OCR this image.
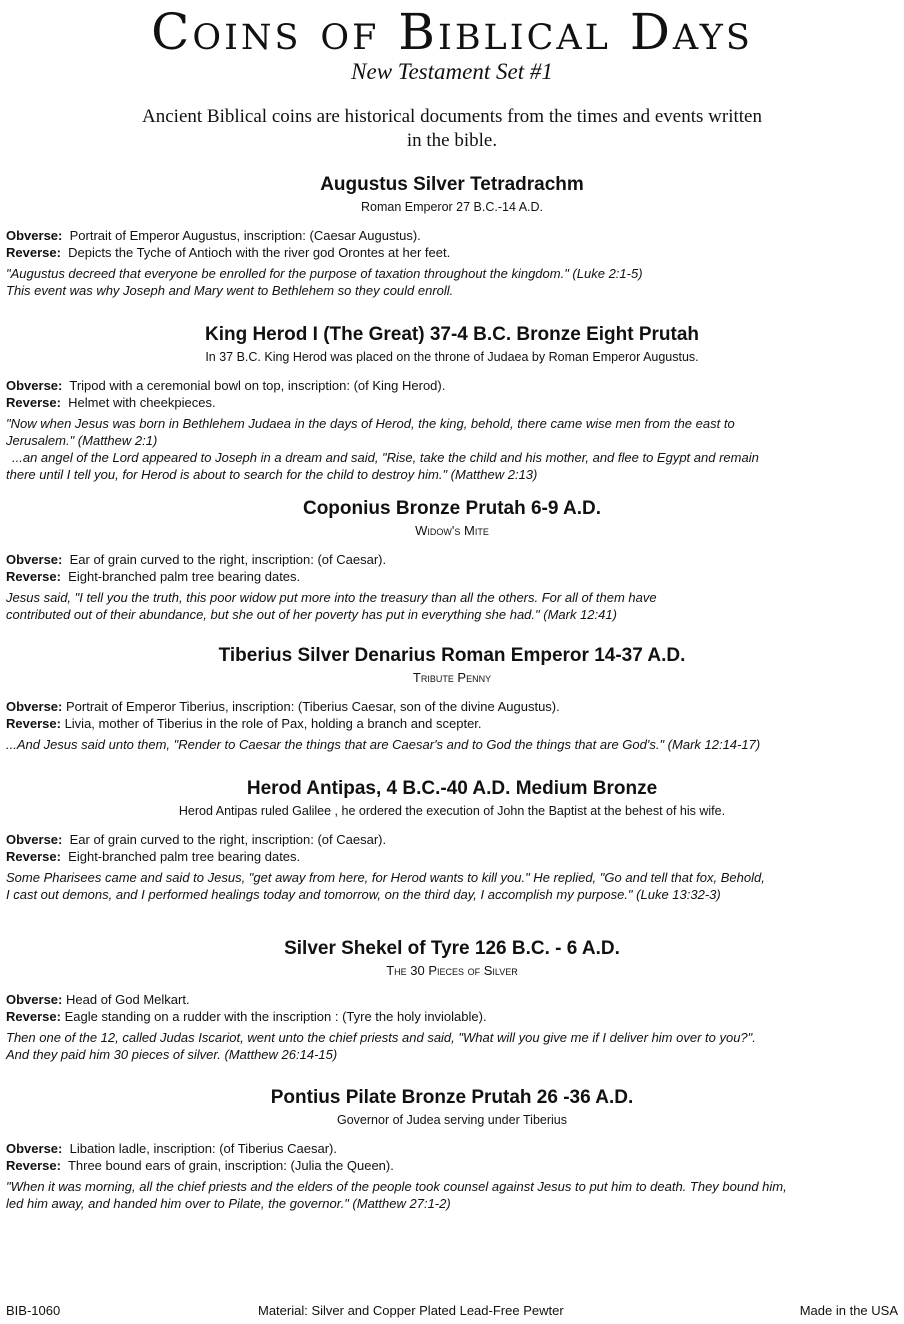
Coins of Biblical Days
New Testament Set #1
Ancient Biblical coins are historical documents from the times and events written
in the bible.
Augustus Silver Tetradrachm
Roman Emperor 27 B.C.-14 A.D.
Obverse: Portrait of Emperor Augustus, inscription: (Caesar Augustus).
Reverse: Depicts the Tyche of Antioch with the river god Orontes at her feet.
"Augustus decreed that everyone be enrolled for the purpose of taxation throughout the kingdom." (Luke 2:1-5)
This event was why Joseph and Mary went to Bethlehem so they could enroll.
King Herod I (The Great) 37-4 B.C. Bronze Eight Prutah
In 37 B.C. King Herod was placed on the throne of Judaea by Roman Emperor Augustus.
Obverse: Tripod with a ceremonial bowl on top, inscription: (of King Herod).
Reverse: Helmet with cheekpieces.
"Now when Jesus was born in Bethlehem Judaea in the days of Herod, the king, behold, there came wise men from the east to
Jerusalem." (Matthew 2:1)
...an angel of the Lord appeared to Joseph in a dream and said, "Rise, take the child and his mother, and flee to Egypt and remain
there until I tell you, for Herod is about to search for the child to destroy him." (Matthew 2:13)
Coponius Bronze Prutah 6-9 A.D.
Widow's Mite
Obverse: Ear of grain curved to the right, inscription: (of Caesar).
Reverse: Eight-branched palm tree bearing dates.
Jesus said, "I tell you the truth, this poor widow put more into the treasury than all the others. For all of them have
contributed out of their abundance, but she out of her poverty has put in everything she had." (Mark 12:41)
Tiberius Silver Denarius Roman Emperor 14-37 A.D.
Tribute Penny
Obverse: Portrait of Emperor Tiberius, inscription: (Tiberius Caesar, son of the divine Augustus).
Reverse: Livia, mother of Tiberius in the role of Pax, holding a branch and scepter.
...And Jesus said unto them, "Render to Caesar the things that are Caesar's and to God the things that are God's." (Mark 12:14-17)
Herod Antipas, 4 B.C.-40 A.D. Medium Bronze
Herod Antipas ruled Galilee , he ordered the execution of John the Baptist at the behest of his wife.
Obverse: Ear of grain curved to the right, inscription: (of Caesar).
Reverse: Eight-branched palm tree bearing dates.
Some Pharisees came and said to Jesus, "get away from here, for Herod wants to kill you." He replied, "Go and tell that fox, Behold,
I cast out demons, and I performed healings today and tomorrow, on the third day, I accomplish my purpose." (Luke 13:32-3)
Silver Shekel of Tyre 126 B.C. - 6 A.D.
The 30 Pieces of Silver
Obverse: Head of God Melkart.
Reverse: Eagle standing on a rudder with the inscription : (Tyre the holy inviolable).
Then one of the 12, called Judas Iscariot, went unto the chief priests and said, "What will you give me if I deliver him over to you?".
And they paid him 30 pieces of silver. (Matthew 26:14-15)
Pontius Pilate Bronze Prutah 26 -36 A.D.
Governor of Judea serving under Tiberius
Obverse: Libation ladle, inscription: (of Tiberius Caesar).
Reverse: Three bound ears of grain, inscription: (Julia the Queen).
"When it was morning, all the chief priests and the elders of the people took counsel against Jesus to put him to death. They bound him,
led him away, and handed him over to Pilate, the governor." (Matthew 27:1-2)
BIB-1060	Material: Silver and Copper Plated Lead-Free Pewter	Made in the USA
